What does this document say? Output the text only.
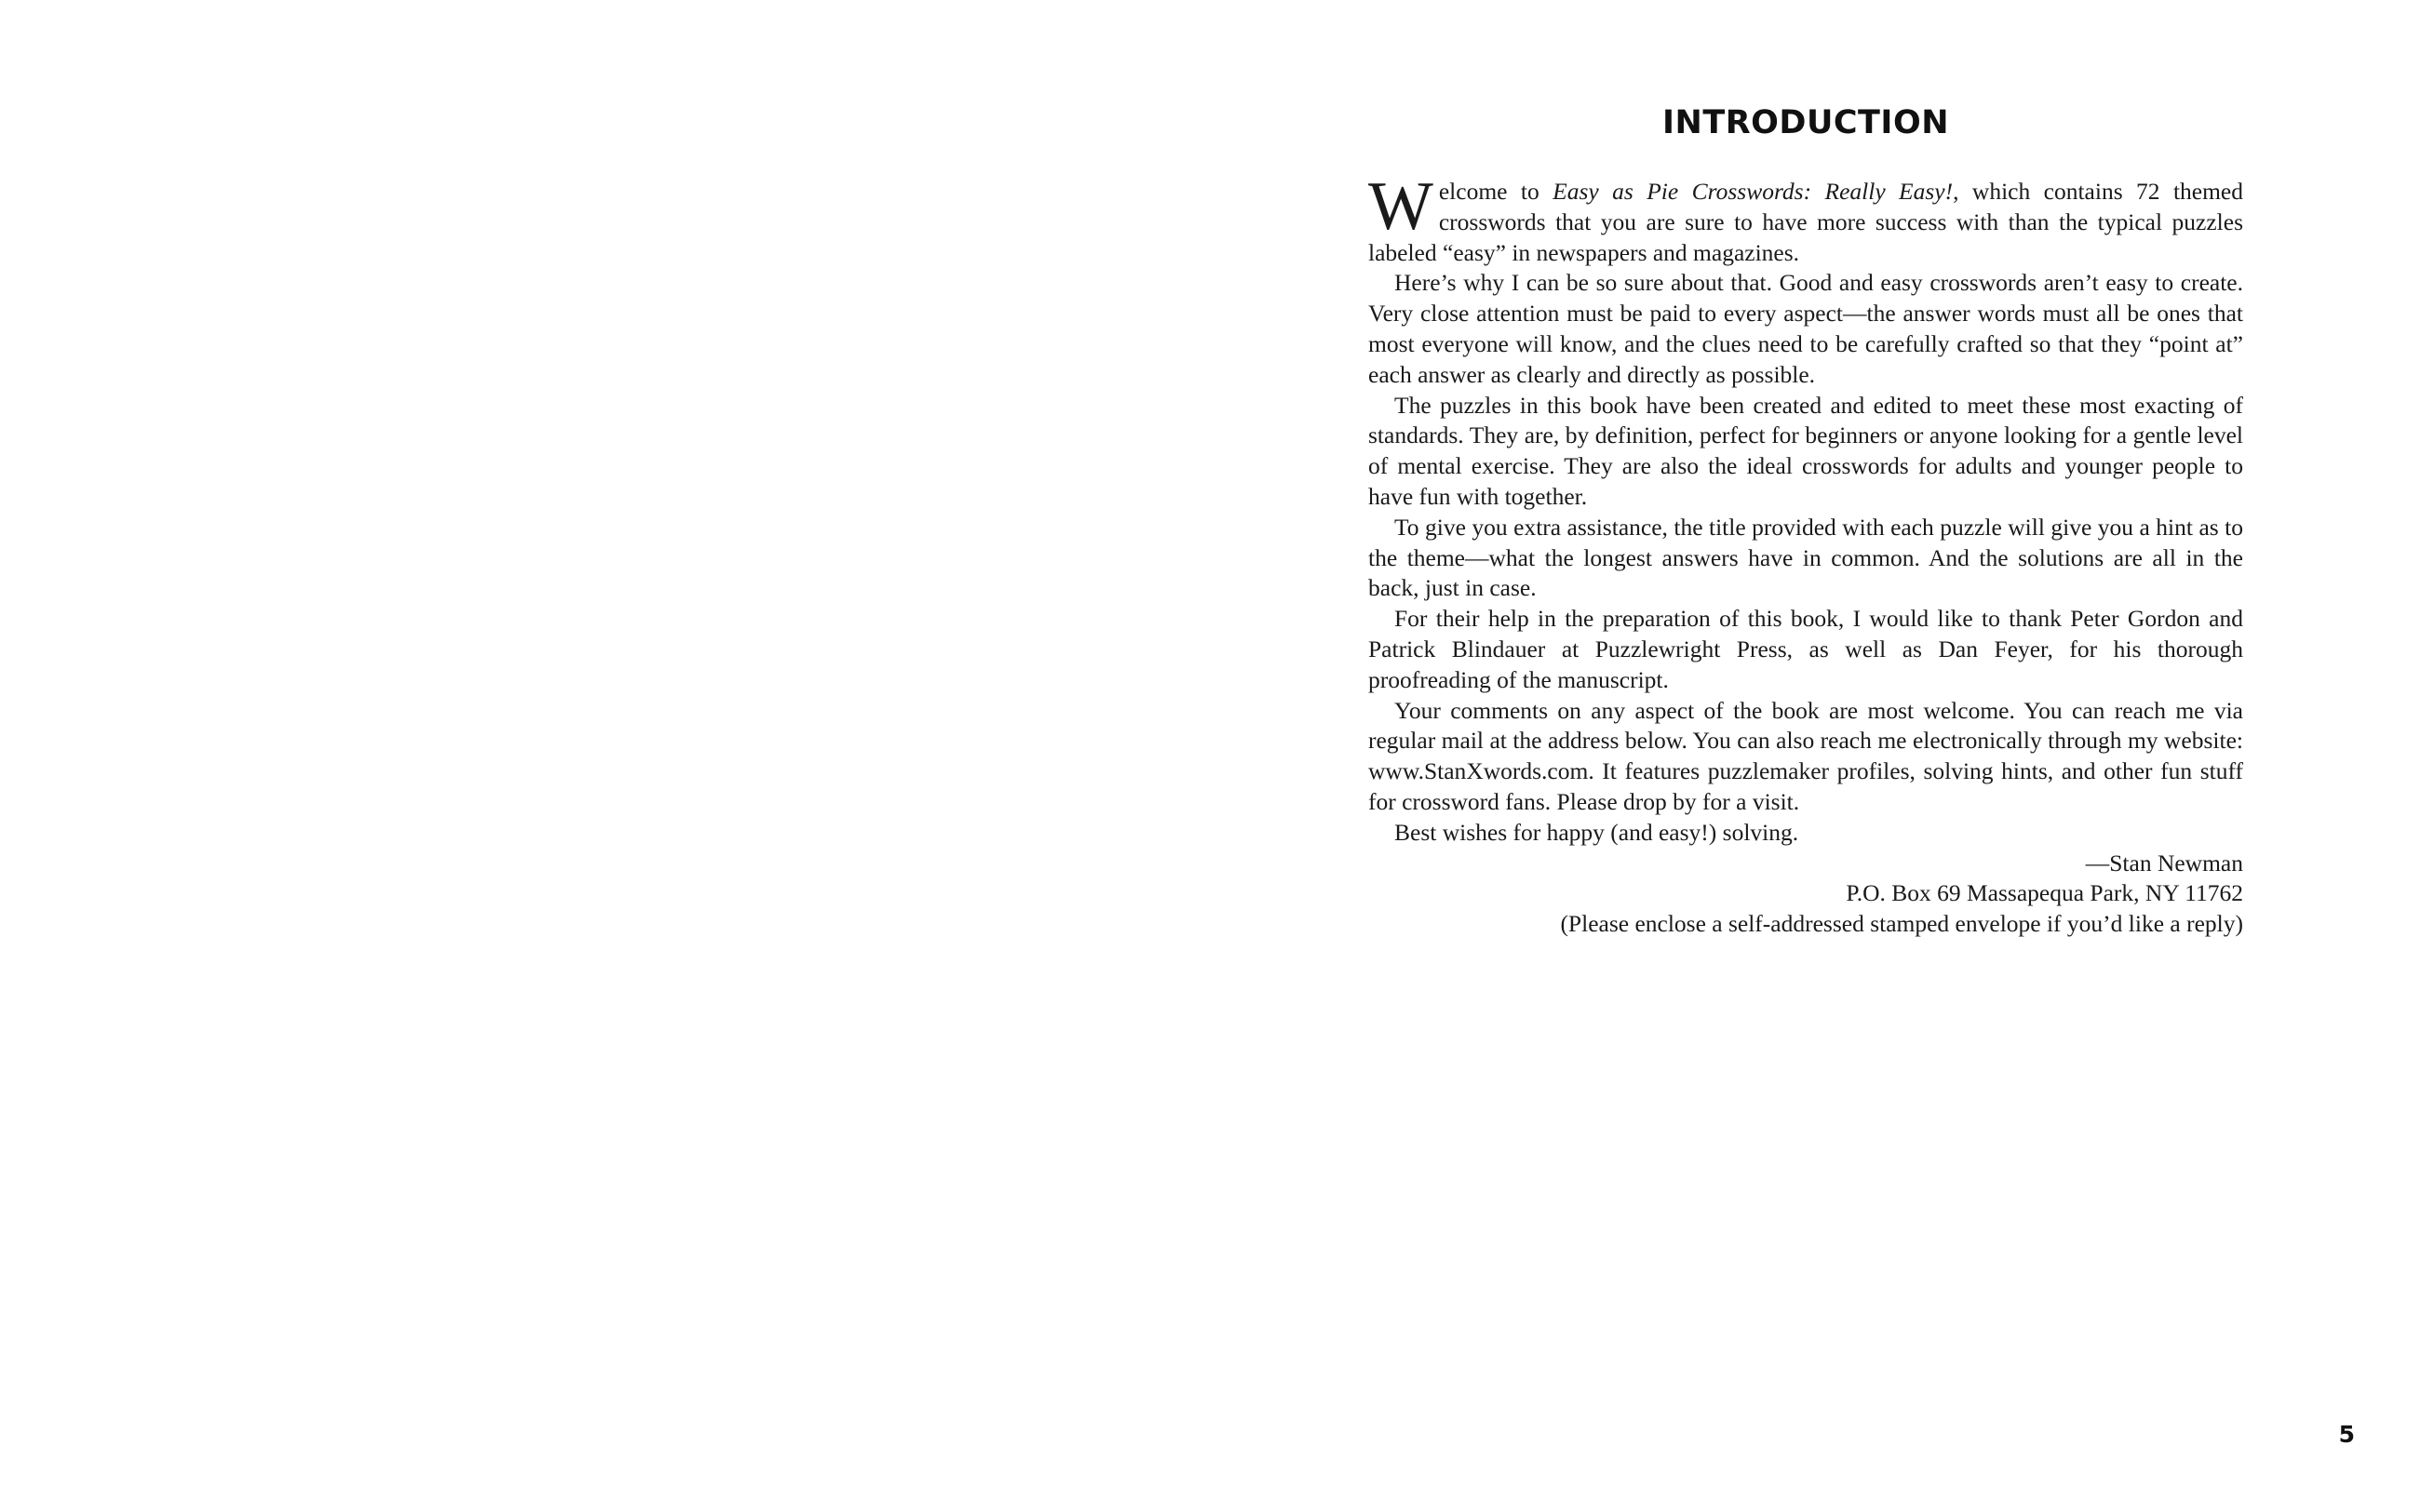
INTRODUCTION

Welcome to Easy as Pie Crosswords: Really Easy!, which contains 72 themed crosswords that you are sure to have more success with than the typical puzzles labeled “easy” in newspapers and magazines.

Here’s why I can be so sure about that. Good and easy crosswords aren’t easy to create. Very close attention must be paid to every aspect—the answer words must all be ones that most everyone will know, and the clues need to be carefully crafted so that they “point at” each answer as clearly and directly as possible.

The puzzles in this book have been created and edited to meet these most exacting of standards. They are, by definition, perfect for beginners or anyone looking for a gentle level of mental exercise. They are also the ideal crosswords for adults and younger people to have fun with together.

To give you extra assistance, the title provided with each puzzle will give you a hint as to the theme—what the longest answers have in common. And the solutions are all in the back, just in case.

For their help in the preparation of this book, I would like to thank Peter Gordon and Patrick Blindauer at Puzzlewright Press, as well as Dan Feyer, for his thorough proofreading of the manuscript.

Your comments on any aspect of the book are most welcome. You can reach me via regular mail at the address below. You can also reach me electronically through my website: www.StanXwords.com. It features puzzlemaker profiles, solving hints, and other fun stuff for crossword fans. Please drop by for a visit.

Best wishes for happy (and easy!) solving.

—Stan Newman

P.O. Box 69 Massapequa Park, NY 11762

(Please enclose a self-addressed stamped envelope if you’d like a reply)

5
